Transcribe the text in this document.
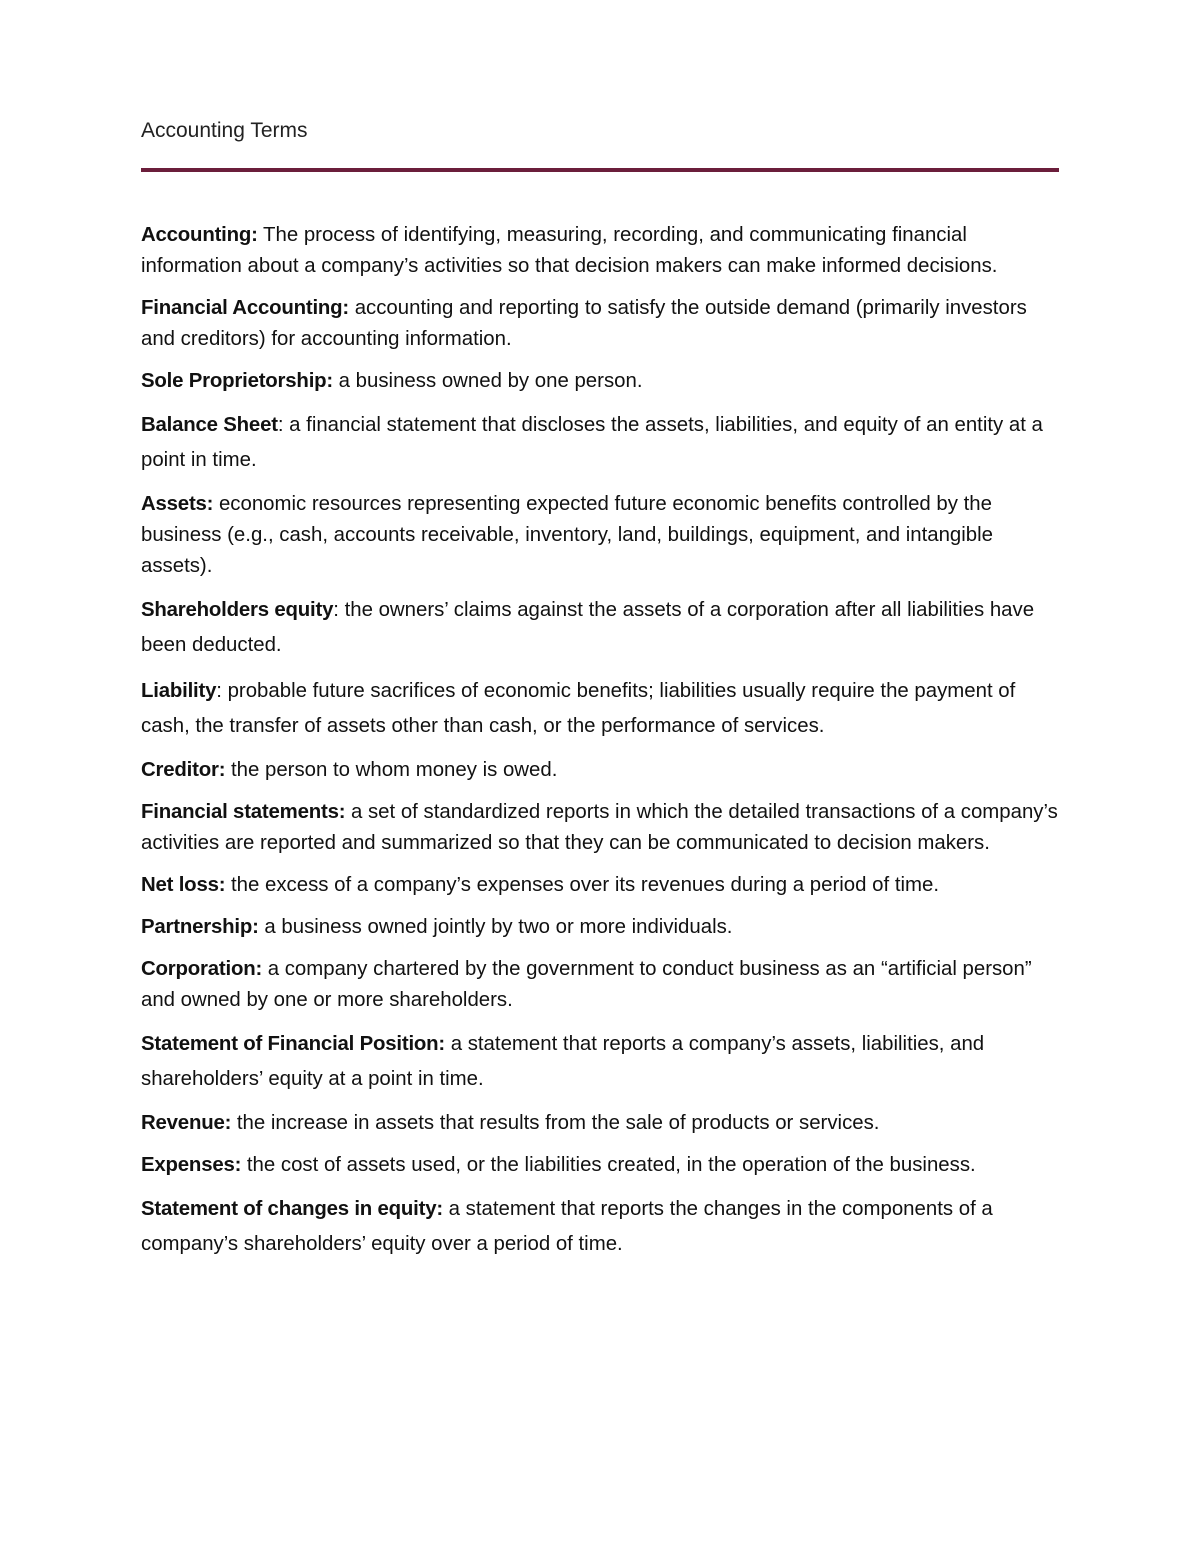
Accounting Terms

Accounting: The process of identifying, measuring, recording, and communicating financial information about a company’s activities so that decision makers can make informed decisions.

Financial Accounting: accounting and reporting to satisfy the outside demand (primarily investors and creditors) for accounting information.

Sole Proprietorship: a business owned by one person.

Balance Sheet: a financial statement that discloses the assets, liabilities, and equity of an entity at a point in time.

Assets: economic resources representing expected future economic benefits controlled by the business (e.g., cash, accounts receivable, inventory, land, buildings, equipment, and intangible assets).

Shareholders equity: the owners’ claims against the assets of a corporation after all liabilities have been deducted.

Liability: probable future sacrifices of economic benefits; liabilities usually require the payment of cash, the transfer of assets other than cash, or the performance of services.

Creditor: the person to whom money is owed.

Financial statements: a set of standardized reports in which the detailed transactions of a company’s activities are reported and summarized so that they can be communicated to decision makers.

Net loss: the excess of a company’s expenses over its revenues during a period of time.

Partnership: a business owned jointly by two or more individuals.

Corporation: a company chartered by the government to conduct business as an “artificial person” and owned by one or more shareholders.

Statement of Financial Position: a statement that reports a company’s assets, liabilities, and shareholders’ equity at a point in time.

Revenue: the increase in assets that results from the sale of products or services.

Expenses: the cost of assets used, or the liabilities created, in the operation of the business.

Statement of changes in equity: a statement that reports the changes in the components of a company’s shareholders’ equity over a period of time.
